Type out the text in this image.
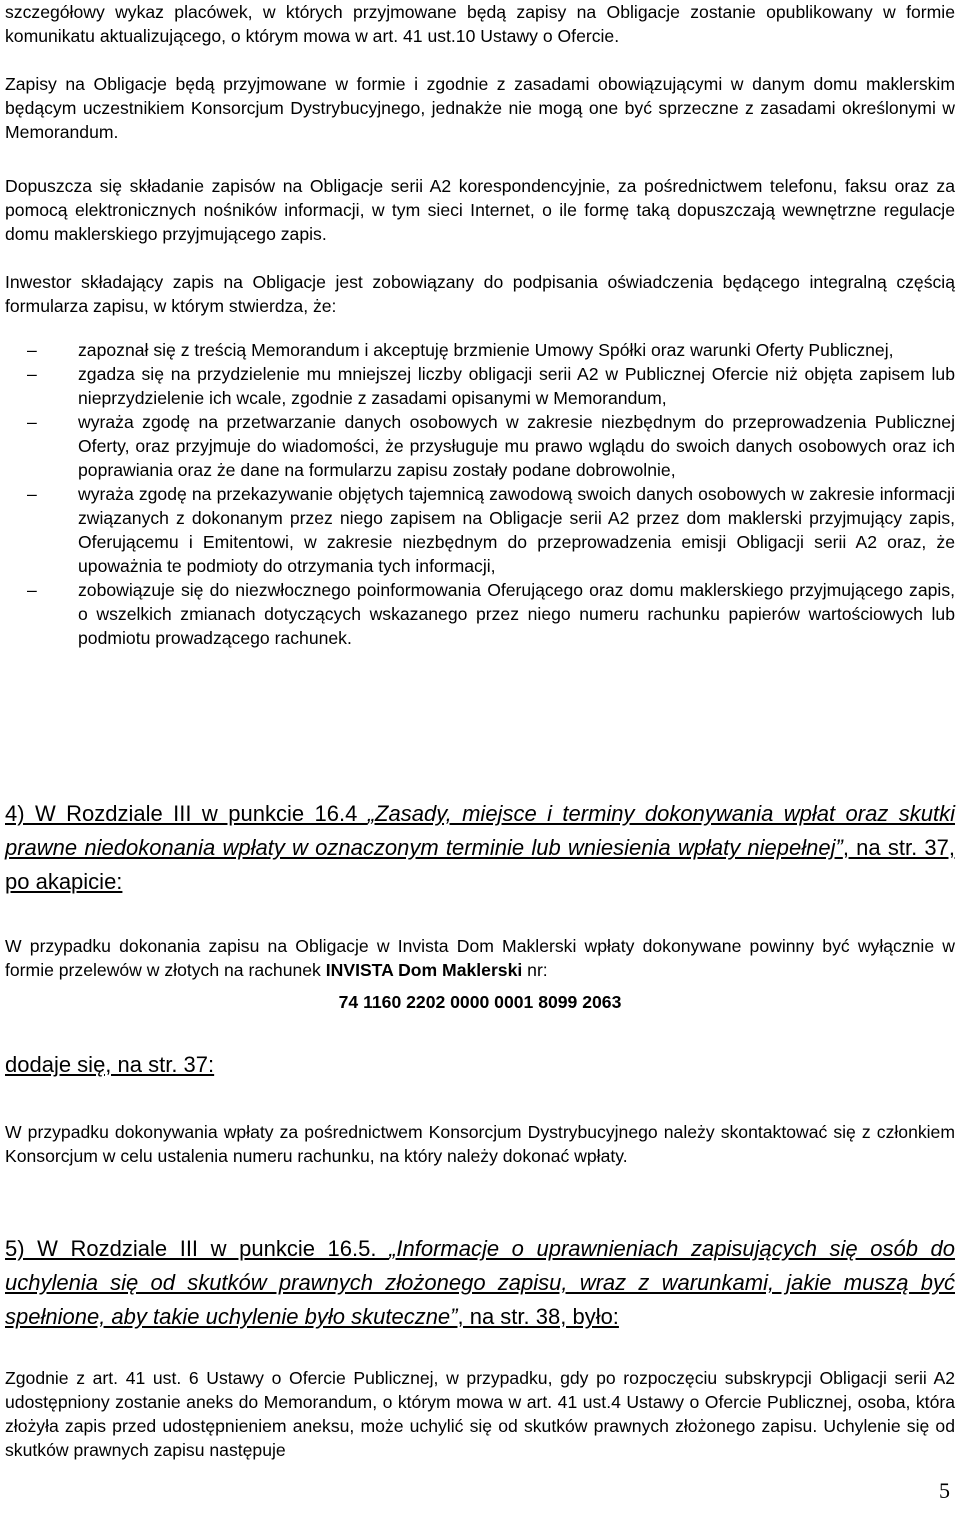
szczegółowy wykaz placówek, w których przyjmowane będą zapisy na Obligacje zostanie opublikowany w formie komunikatu aktualizującego, o którym mowa w art. 41 ust.10 Ustawy o Ofercie.

Zapisy na Obligacje będą przyjmowane w formie i zgodnie z zasadami obowiązującymi w danym domu maklerskim będącym uczestnikiem Konsorcjum Dystrybucyjnego, jednakże nie mogą one być sprzeczne z zasadami określonymi w Memorandum.

Dopuszcza się składanie zapisów na Obligacje serii A2 korespondencyjnie, za pośrednictwem telefonu, faksu oraz za pomocą elektronicznych nośników informacji, w tym sieci Internet, o ile formę taką dopuszczają wewnętrzne regulacje domu maklerskiego przyjmującego zapis.

Inwestor składający zapis na Obligacje jest zobowiązany do podpisania oświadczenia będącego integralną częścią formularza zapisu, w którym stwierdza, że:

– zapoznał się z treścią Memorandum i akceptuję brzmienie Umowy Spółki oraz warunki Oferty Publicznej,
– zgadza się na przydzielenie mu mniejszej liczby obligacji serii A2 w Publicznej Ofercie niż objęta zapisem lub nieprzydzielenie ich wcale, zgodnie z zasadami opisanymi w Memorandum,
– wyraża zgodę na przetwarzanie danych osobowych w zakresie niezbędnym do przeprowadzenia Publicznej Oferty, oraz przyjmuje do wiadomości, że przysługuje mu prawo wglądu do swoich danych osobowych oraz ich poprawiania oraz że dane na formularzu zapisu zostały podane dobrowolnie,
– wyraża zgodę na przekazywanie objętych tajemnicą zawodową swoich danych osobowych w zakresie informacji związanych z dokonanym przez niego zapisem na Obligacje serii A2 przez dom maklerski przyjmujący zapis, Oferującemu i Emitentowi, w zakresie niezbędnym do przeprowadzenia emisji Obligacji serii A2 oraz, że upoważnia te podmioty do otrzymania tych informacji,
– zobowiązuje się do niezwłocznego poinformowania Oferującego oraz domu maklerskiego przyjmującego zapis, o wszelkich zmianach dotyczących wskazanego przez niego numeru rachunku papierów wartościowych lub podmiotu prowadzącego rachunek.

4) W Rozdziale III w punkcie 16.4 „Zasady, miejsce i terminy dokonywania wpłat oraz skutki prawne niedokonania wpłaty w oznaczonym terminie lub wniesienia wpłaty niepełnej”, na str. 37, po akapicie:

W przypadku dokonania zapisu na Obligacje w Invista Dom Maklerski wpłaty dokonywane powinny być wyłącznie w formie przelewów w złotych na rachunek INVISTA Dom Maklerski nr:

74 1160 2202 0000 0001 8099 2063

dodaje się, na str. 37:

W przypadku dokonywania wpłaty za pośrednictwem Konsorcjum Dystrybucyjnego należy skontaktować się z członkiem Konsorcjum w celu ustalenia numeru rachunku, na który należy dokonać wpłaty.

5) W Rozdziale III w punkcie 16.5. „Informacje o uprawnieniach zapisujących się osób do uchylenia się od skutków prawnych złożonego zapisu, wraz z warunkami, jakie muszą być spełnione, aby takie uchylenie było skuteczne”, na str. 38, było:

Zgodnie z art. 41 ust. 6 Ustawy o Ofercie Publicznej, w przypadku, gdy po rozpoczęciu subskrypcji Obligacji serii A2 udostępniony zostanie aneks do Memorandum, o którym mowa w art. 41 ust.4 Ustawy o Ofercie Publicznej, osoba, która złożyła zapis przed udostępnieniem aneksu, może uchylić się od skutków prawnych złożonego zapisu. Uchylenie się od skutków prawnych zapisu następuje

5
